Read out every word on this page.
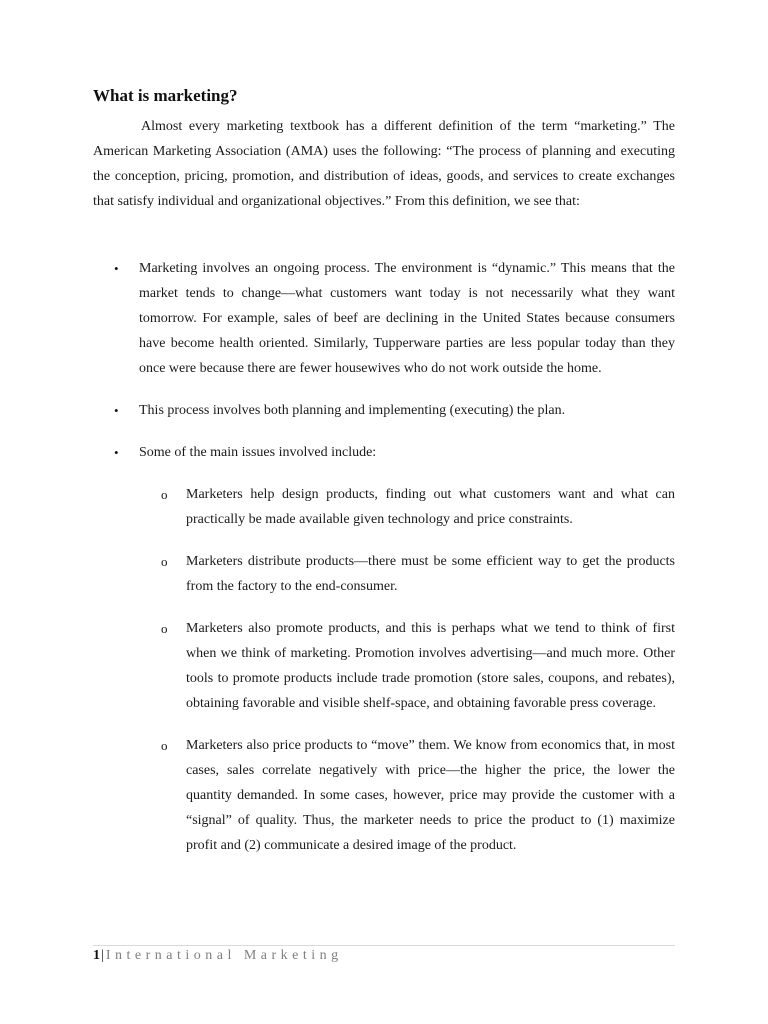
What is marketing?

Almost every marketing textbook has a different definition of the term “marketing.” The American Marketing Association (AMA) uses the following: “The process of planning and executing the conception, pricing, promotion, and distribution of ideas, goods, and services to create exchanges that satisfy individual and organizational objectives.” From this definition, we see that:

• Marketing involves an ongoing process. The environment is “dynamic.” This means that the market tends to change—what customers want today is not necessarily what they want tomorrow. For example, sales of beef are declining in the United States because consumers have become health oriented. Similarly, Tupperware parties are less popular today than they once were because there are fewer housewives who do not work outside the home.
• This process involves both planning and implementing (executing) the plan.
• Some of the main issues involved include:
o Marketers help design products, finding out what customers want and what can practically be made available given technology and price constraints.
o Marketers distribute products—there must be some efficient way to get the products from the factory to the end-consumer.
o Marketers also promote products, and this is perhaps what we tend to think of first when we think of marketing. Promotion involves advertising—and much more. Other tools to promote products include trade promotion (store sales, coupons, and rebates), obtaining favorable and visible shelf-space, and obtaining favorable press coverage.
o Marketers also price products to “move” them. We know from economics that, in most cases, sales correlate negatively with price—the higher the price, the lower the quantity demanded. In some cases, however, price may provide the customer with a “signal” of quality. Thus, the marketer needs to price the product to (1) maximize profit and (2) communicate a desired image of the product.
1| International Marketing
